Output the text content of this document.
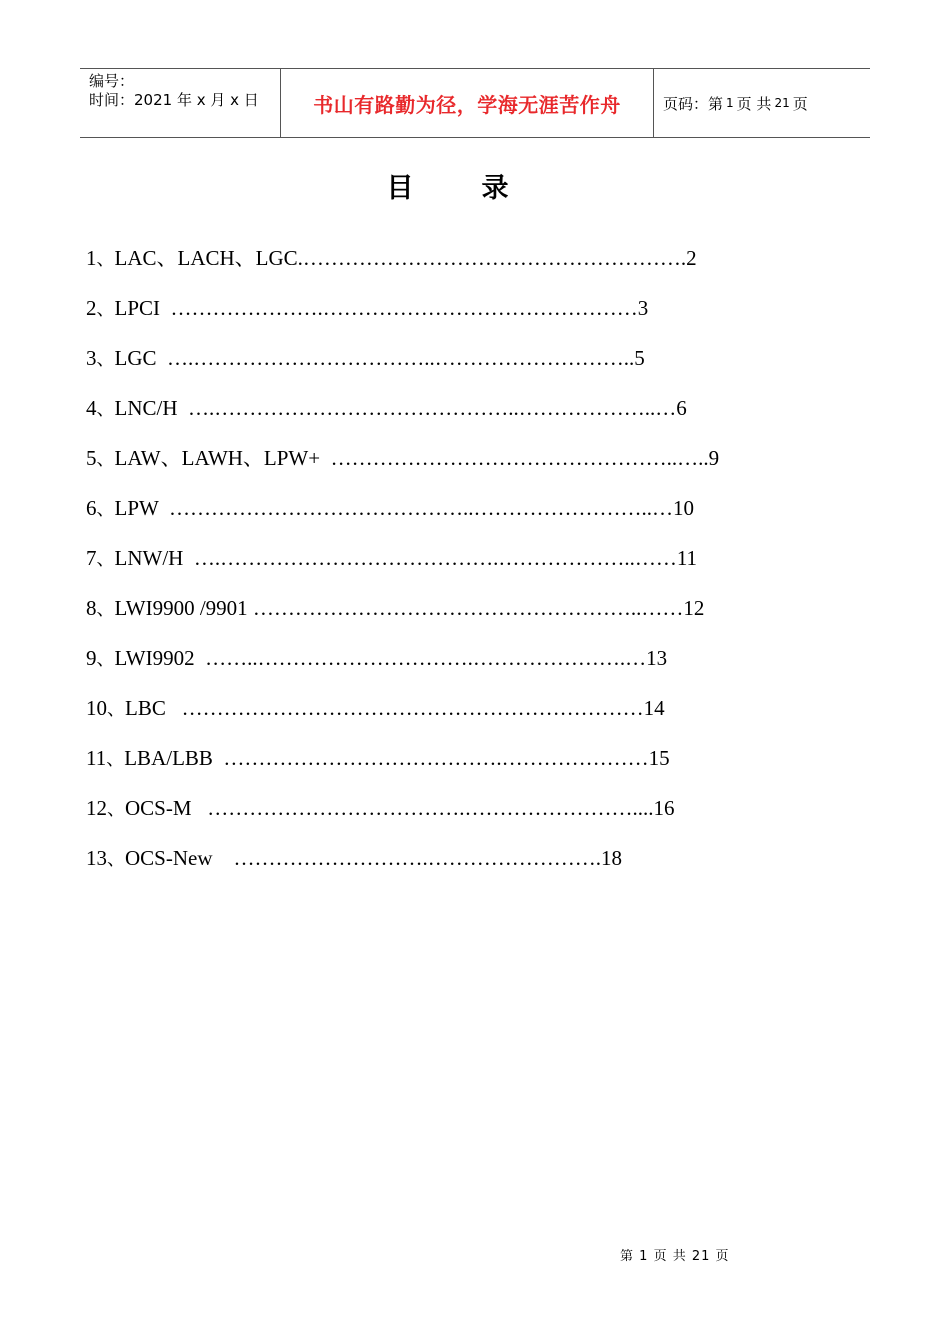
编号：
时间：2021 年 x 月 x 日	书山有路勤为径，学海无涯苦作舟	页码：第 1 页 共 21 页
目	录
1、LAC、LACH、LGC.……………………………………………….2
2、LPCI  ………………….………………………………………3
3、LGC  ….……………………………..………………………..5
4、LNC/H  ….……………………………………..………………..…6
5、LAW、LAWH、LPW+  …………………………………………..…..9
6、LPW  ……………………………………..……………………..…10
7、LNW/H  ….………………………………….………………..……11
8、LWI9900 /9901 ………………………………………………..……12
9、LWI9902  ……..………………………….………………….…13
10、LBC   …………………………………………………………14
11、LBA/LBB  ………………………………….…………………15
12、OCS-M   ……………………………….……………………....16
13、OCS-New    ……………………….…………………….18
第 1 页 共 21 页
